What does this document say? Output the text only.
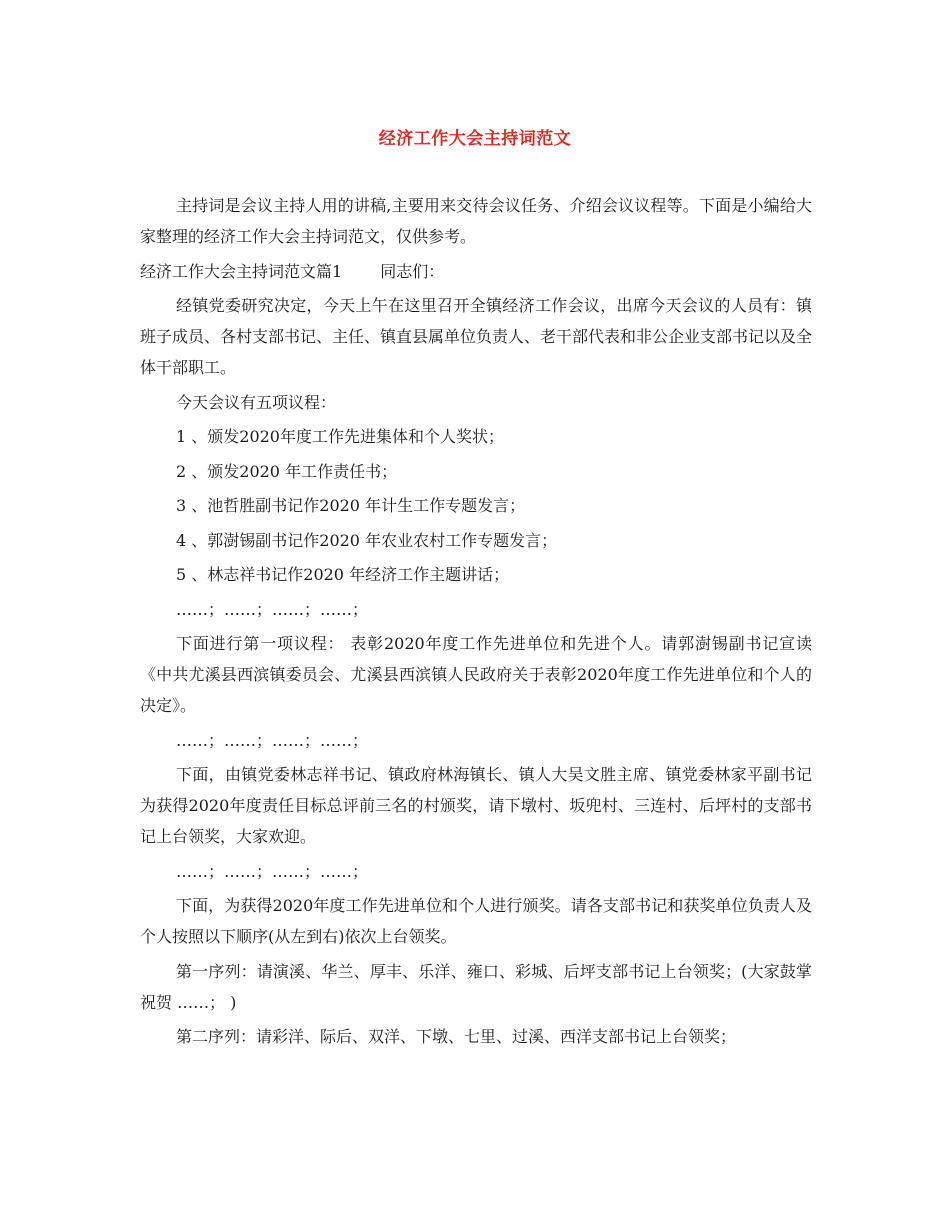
经济工作大会主持词范文

主持词是会议主持人用的讲稿,主要用来交待会议任务、介绍会议议程等。下面是小编给大家整理的经济工作大会主持词范文，仅供参考。

经济工作大会主持词范文篇1 同志们：

经镇党委研究决定，今天上午在这里召开全镇经济工作会议，出席今天会议的人员有：镇班子成员、各村支部书记、主任、镇直县属单位负责人、老干部代表和非公企业支部书记以及全体干部职工。

今天会议有五项议程：

1 、颁发2020年度工作先进集体和个人奖状；

2 、颁发2020 年工作责任书；

3 、池哲胜副书记作2020 年计生工作专题发言；

4 、郭澍锡副书记作2020 年农业农村工作专题发言；

5 、林志祥书记作2020 年经济工作主题讲话；

……；……；……；……；

下面进行第一项议程： 表彰2020年度工作先进单位和先进个人。请郭澍锡副书记宣读《中共尤溪县西滨镇委员会、尤溪县西滨镇人民政府关于表彰2020年度工作先进单位和个人的决定》。

……；……；……；……；

下面，由镇党委林志祥书记、镇政府林海镇长、镇人大吴文胜主席、镇党委林家平副书记为获得2020年度责任目标总评前三名的村颁奖，请下墩村、坂兜村、三连村、后坪村的支部书记上台领奖，大家欢迎。

……；……；……；……；

下面，为获得2020年度工作先进单位和个人进行颁奖。请各支部书记和获奖单位负责人及个人按照以下顺序(从左到右)依次上台领奖。

第一序列：请演溪、华兰、厚丰、乐洋、雍口、彩城、后坪支部书记上台领奖；(大家鼓掌祝贺 ……； )

第二序列：请彩洋、际后、双洋、下墩、七里、过溪、西洋支部书记上台领奖；
